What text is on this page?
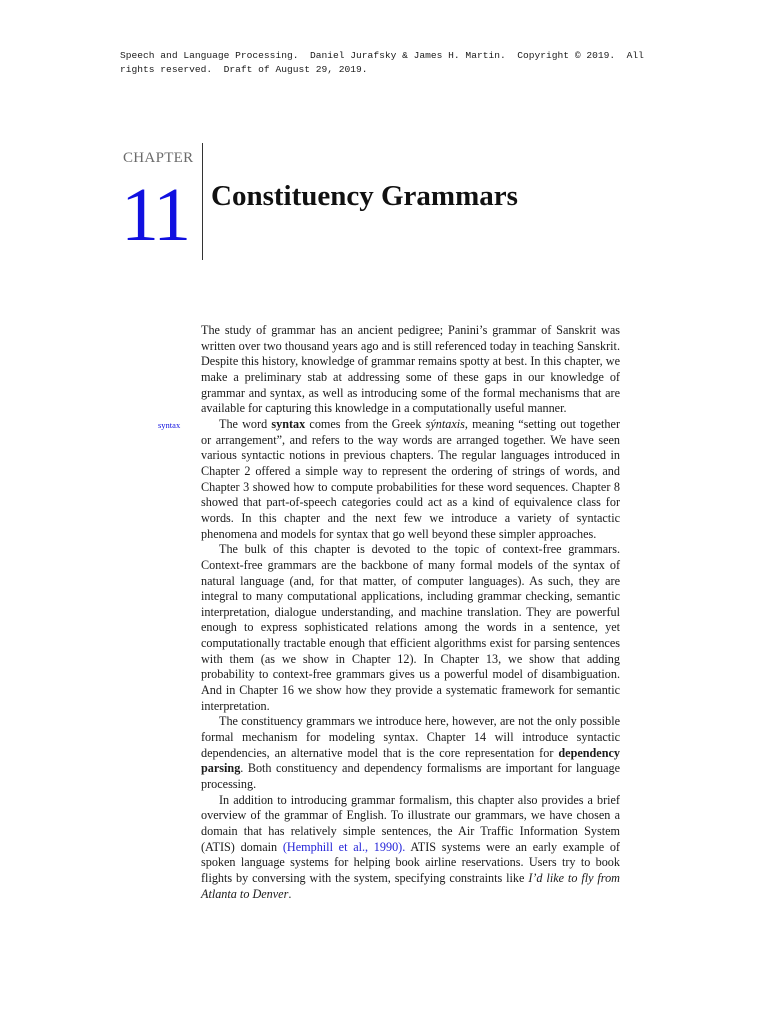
Speech and Language Processing.  Daniel Jurafsky & James H. Martin.  Copyright © 2019.  All
rights reserved.  Draft of August 29, 2019.
CHAPTER
11 Constituency Grammars
syntax

The study of grammar has an ancient pedigree; Panini’s grammar of Sanskrit was written over two thousand years ago and is still referenced today in teaching Sanskrit. Despite this history, knowledge of grammar remains spotty at best. In this chapter, we make a preliminary stab at addressing some of these gaps in our knowledge of grammar and syntax, as well as introducing some of the formal mechanisms that are available for capturing this knowledge in a computationally useful manner.

The word syntax comes from the Greek sýntaxis, meaning “setting out together or arrangement”, and refers to the way words are arranged together. We have seen various syntactic notions in previous chapters. The regular languages introduced in Chapter 2 offered a simple way to represent the ordering of strings of words, and Chapter 3 showed how to compute probabilities for these word sequences. Chapter 8 showed that part-of-speech categories could act as a kind of equivalence class for words. In this chapter and the next few we introduce a variety of syntactic phenomena and models for syntax that go well beyond these simpler approaches.

The bulk of this chapter is devoted to the topic of context-free grammars. Context-free grammars are the backbone of many formal models of the syntax of natural language (and, for that matter, of computer languages). As such, they are integral to many computational applications, including grammar checking, semantic interpretation, dialogue understanding, and machine translation. They are powerful enough to express sophisticated relations among the words in a sentence, yet computationally tractable enough that efficient algorithms exist for parsing sentences with them (as we show in Chapter 12). In Chapter 13, we show that adding probability to context-free grammars gives us a powerful model of disambiguation. And in Chapter 16 we show how they provide a systematic framework for semantic interpretation.

The constituency grammars we introduce here, however, are not the only possible formal mechanism for modeling syntax. Chapter 14 will introduce syntactic dependencies, an alternative model that is the core representation for dependency parsing. Both constituency and dependency formalisms are important for language processing.

In addition to introducing grammar formalism, this chapter also provides a brief overview of the grammar of English. To illustrate our grammars, we have chosen a domain that has relatively simple sentences, the Air Traffic Information System (ATIS) domain (Hemphill et al., 1990). ATIS systems were an early example of spoken language systems for helping book airline reservations. Users try to book flights by conversing with the system, specifying constraints like I’d like to fly from Atlanta to Denver.
